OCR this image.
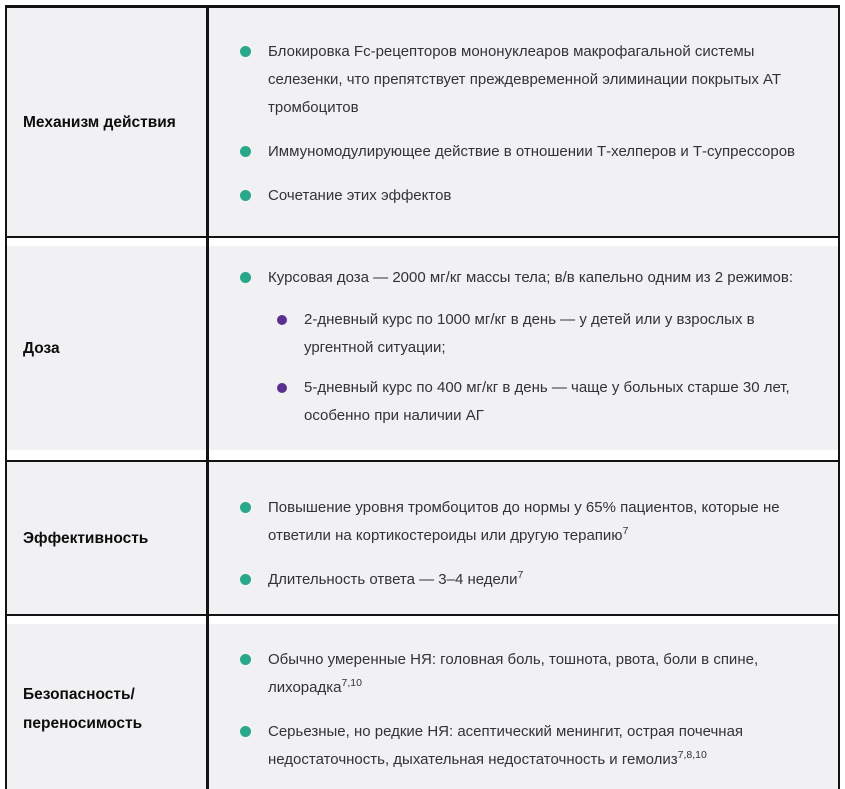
Механизм действия
Блокировка Fc-рецепторов мононуклеаров макрофагальной системы селезенки, что препятствует преждевременной элиминации покрытых АТ тромбоцитов
Иммуномодулирующее действие в отношении Т-хелперов и Т-супрессоров
Сочетание этих эффектов
Доза
Курсовая доза — 2000 мг/кг массы тела; в/в капельно одним из 2 режимов:
2-дневный курс по 1000 мг/кг в день — у детей или у взрослых в ургентной ситуации;
5-дневный курс по 400 мг/кг в день — чаще у больных старше 30 лет, особенно при наличии АГ
Эффективность
Повышение уровня тромбоцитов до нормы у 65% пациентов, которые не ответили на кортикостероиды или другую терапию$^7$
Длительность ответа — 3–4 недели$^7$
Безопасность/переносимость
Обычно умеренные НЯ: головная боль, тошнота, рвота, боли в спине, лихорадка$^{7,10}$
Серьезные, но редкие НЯ: асептический менингит, острая почечная недостаточность, дыхательная недостаточность и гемолиз$^{7,8,10}$
